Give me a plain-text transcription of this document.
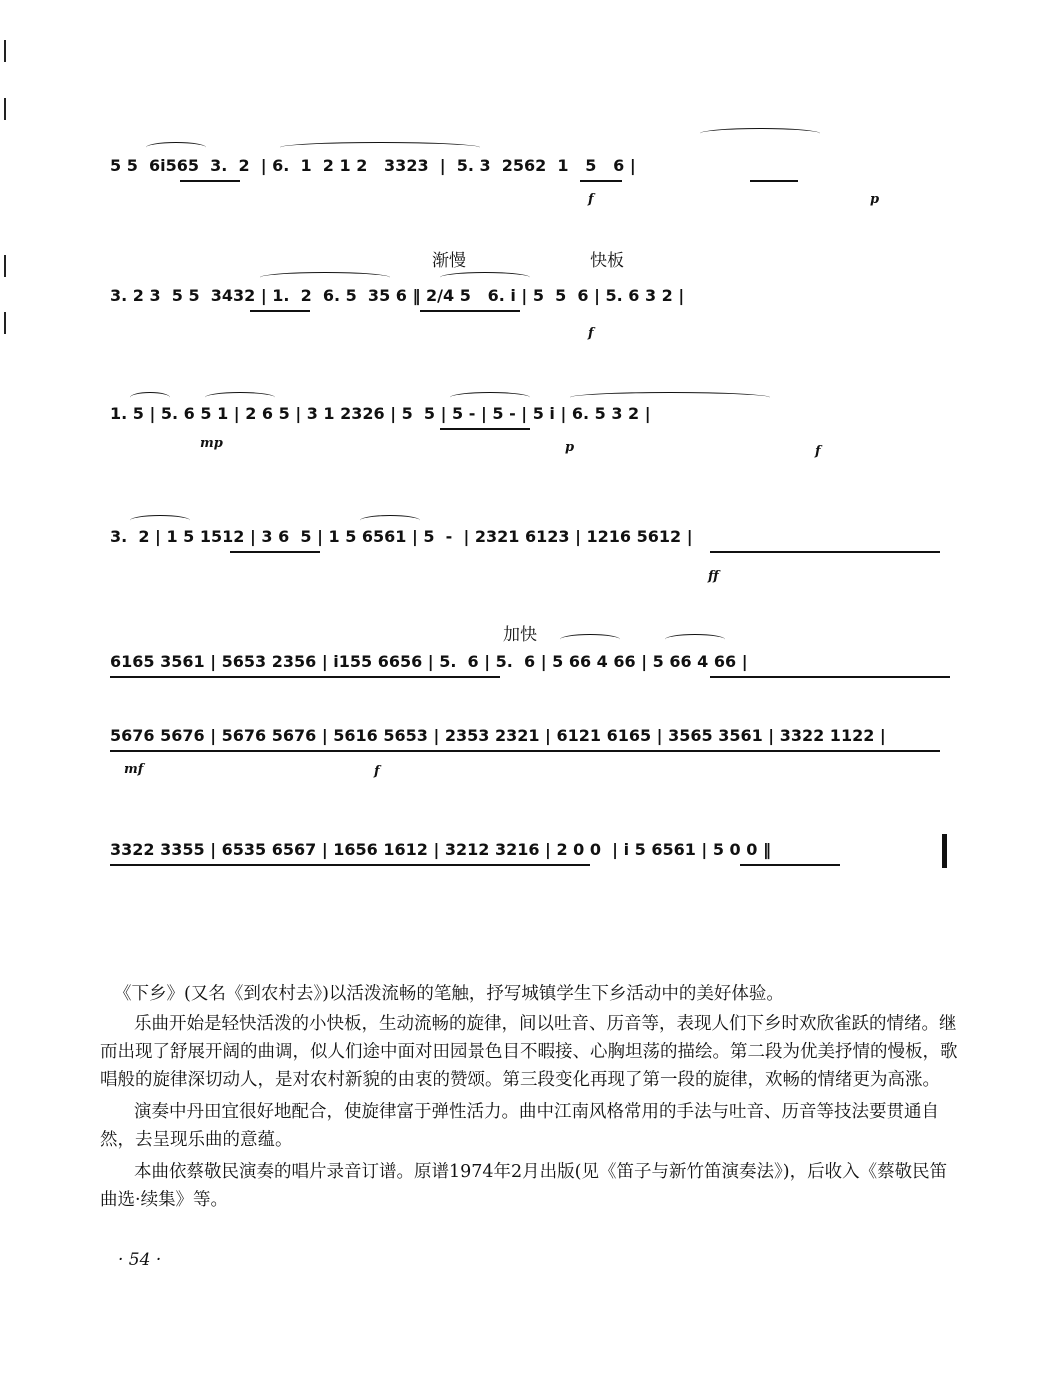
渐慢	快板
加快
5 5  6i565  3.  2  | 6.  1  2 1 2   3323  |  5. 3  2562  1   5   6 |
f	p
3. 2 3  5 5  3432 | 1.  2  6. 5  35 6 ‖ 2/4 5   6. i | 5  5  6 | 5. 6 3 2 |
f
1. 5 | 5. 6 5 1 | 2 6 5 | 3 1 2326 | 5  5 | 5 - | 5 - | 5 i | 6. 5 3 2 |
mp	p	f
3.  2 | 1 5 1512 | 3 6  5 | 1 5 6561 | 5  -  | 2321 6123 | 1216 5612 |
ff
6165 3561 | 5653 2356 | i155 6656 | 5.  6 | 5.  6 | 5 66 4 66 | 5 66 4 66 |
5676 5676 | 5676 5676 | 5616 5653 | 2353 2321 | 6121 6165 | 3565 3561 | 3322 1122 |
mf	f
3322 3355 | 6535 6567 | 1656 1612 | 3212 3216 | 2 0 0  | i 5 6561 | 5 0 0 ‖

《下乡》(又名《到农村去》)以活泼流畅的笔触，抒写城镇学生下乡活动中的美好体验。

乐曲开始是轻快活泼的小快板，生动流畅的旋律，间以吐音、历音等，表现人们下乡时欢欣雀跃的情绪。继而出现了舒展开阔的曲调，似人们途中面对田园景色目不暇接、心胸坦荡的描绘。第二段为优美抒情的慢板，歌唱般的旋律深切动人，是对农村新貌的由衷的赞颂。第三段变化再现了第一段的旋律，欢畅的情绪更为高涨。

演奏中丹田宜很好地配合，使旋律富于弹性活力。曲中江南风格常用的手法与吐音、历音等技法要贯通自然，去呈现乐曲的意蕴。

本曲依蔡敬民演奏的唱片录音订谱。原谱1974年2月出版(见《笛子与新竹笛演奏法》)，后收入《蔡敬民笛曲选·续集》等。

· 54 ·
